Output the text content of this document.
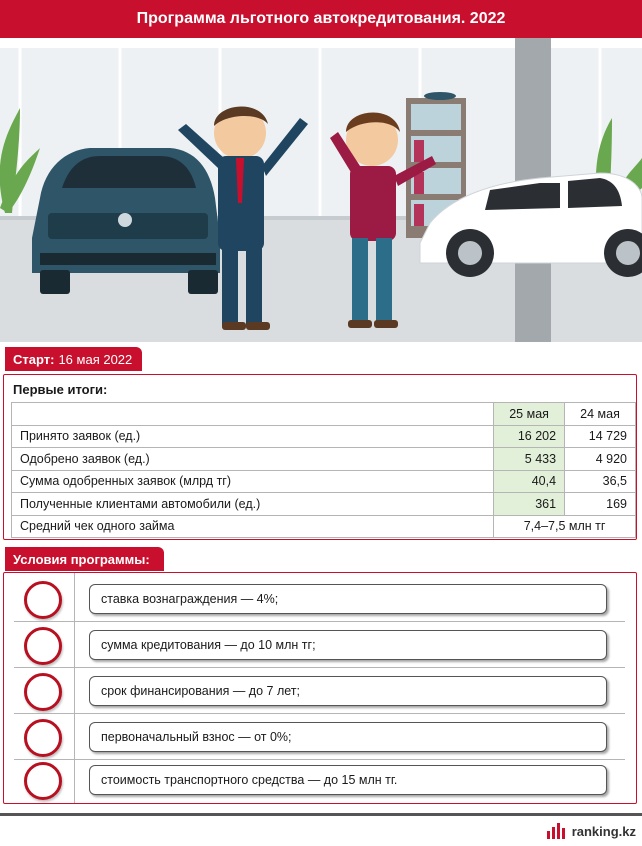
Программа льготного автокредитования. 2022
Старт: 16 мая 2022
Первые итоги:
	25 мая	24 мая
Принято заявок (ед.)	16 202	14 729
Одобрено заявок (ед.)	5 433	4 920
Сумма одобренных заявок (млрд тг)	40,4	36,5
Полученные клиентами автомобили (ед.)	361	169
Средний чек одного займа	7,4–7,5 млн тг	
Условия программы:
ставка вознаграждения — 4%;
сумма кредитования — до 10 млн тг;
срок финансирования — до 7 лет;
первоначальный взнос — от 0%;
стоимость транспортного средства — до 15 млн тг.
ranking.kz
